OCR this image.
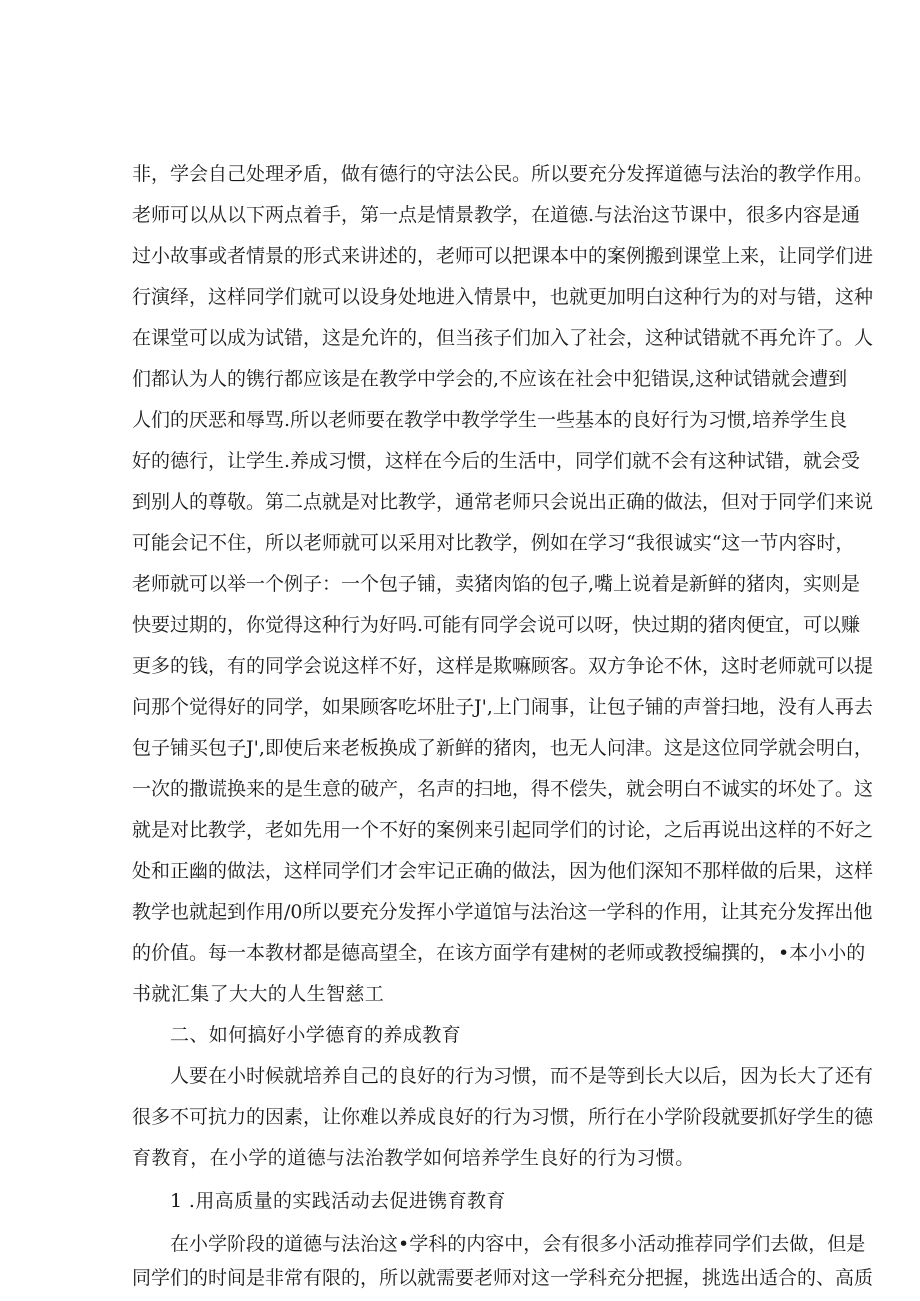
非，学会自己处理矛盾，做有德行的守法公民。所以要充分发挥道德与法治的教学作用。
老师可以从以下两点着手，第一点是情景教学，在道德.与法治这节课中，很多内容是通
过小故事或者情景的形式来讲述的，老师可以把课本中的案例搬到课堂上来，让同学们进
行演绎，这样同学们就可以设身处地进入情景中，也就更加明白这种行为的对与错，这种
在课堂可以成为试错，这是允许的，但当孩子们加入了社会，这种试错就不再允许了。人
们都认为人的镌行都应该是在教学中学会的,不应该在社会中犯错误,这种试错就会遭到
人们的厌恶和辱骂.所以老师要在教学中教学学生一些基本的良好行为习惯,培养学生良
好的德行，让学生.养成习惯，这样在今后的生活中，同学们就不会有这种试错，就会受
到别人的尊敬。第二点就是对比教学，通常老师只会说出正确的做法，但对于同学们来说
可能会记不住，所以老师就可以采用对比教学，例如在学习“我很诚实“这一节内容时，
老师就可以举一个例子：一个包子铺，卖猪肉馅的包子,嘴上说着是新鲜的猪肉，实则是
快要过期的，你觉得这种行为好吗.可能有同学会说可以呀，快过期的猪肉便宜，可以赚
更多的钱，有的同学会说这样不好，这样是欺嘛顾客。双方争论不休，这时老师就可以提
问那个觉得好的同学，如果顾客吃坏肚子J',上门闹事，让包子铺的声誉扫地，没有人再去
包子铺买包子J',即使后来老板换成了新鲜的猪肉，也无人问津。这是这位同学就会明白，
一次的撒谎换来的是生意的破产，名声的扫地，得不偿失，就会明白不诚实的坏处了。这
就是对比教学，老如先用一个不好的案例来引起同学们的讨论，之后再说出这样的不好之
处和正幽的做法，这样同学们才会牢记正确的做法，因为他们深知不那样做的后果，这样
教学也就起到作用/0所以要充分发挥小学道馆与法治这一学科的作用，让其充分发挥出他
的价值。每一本教材都是德高望全，在该方面学有建树的老师或教授编撰的，•本小小的
书就汇集了大大的人生智慈工
二、如何搞好小学德育的养成教育
人要在小时候就培养自己的良好的行为习惯，而不是等到长大以后，因为长大了还有
很多不可抗力的因素，让你难以养成良好的行为习惯，所行在小学阶段就要抓好学生的德
育教育，在小学的道德与法治教学如何培养学生良好的行为习惯。
1 .用高质量的实践活动去促进镌育教育
在小学阶段的道德与法治这•学科的内容中，会有很多小活动推荐同学们去做，但是
同学们的时间是非常有限的，所以就需要老师对这一学科充分把握，挑选出适合的、高质
